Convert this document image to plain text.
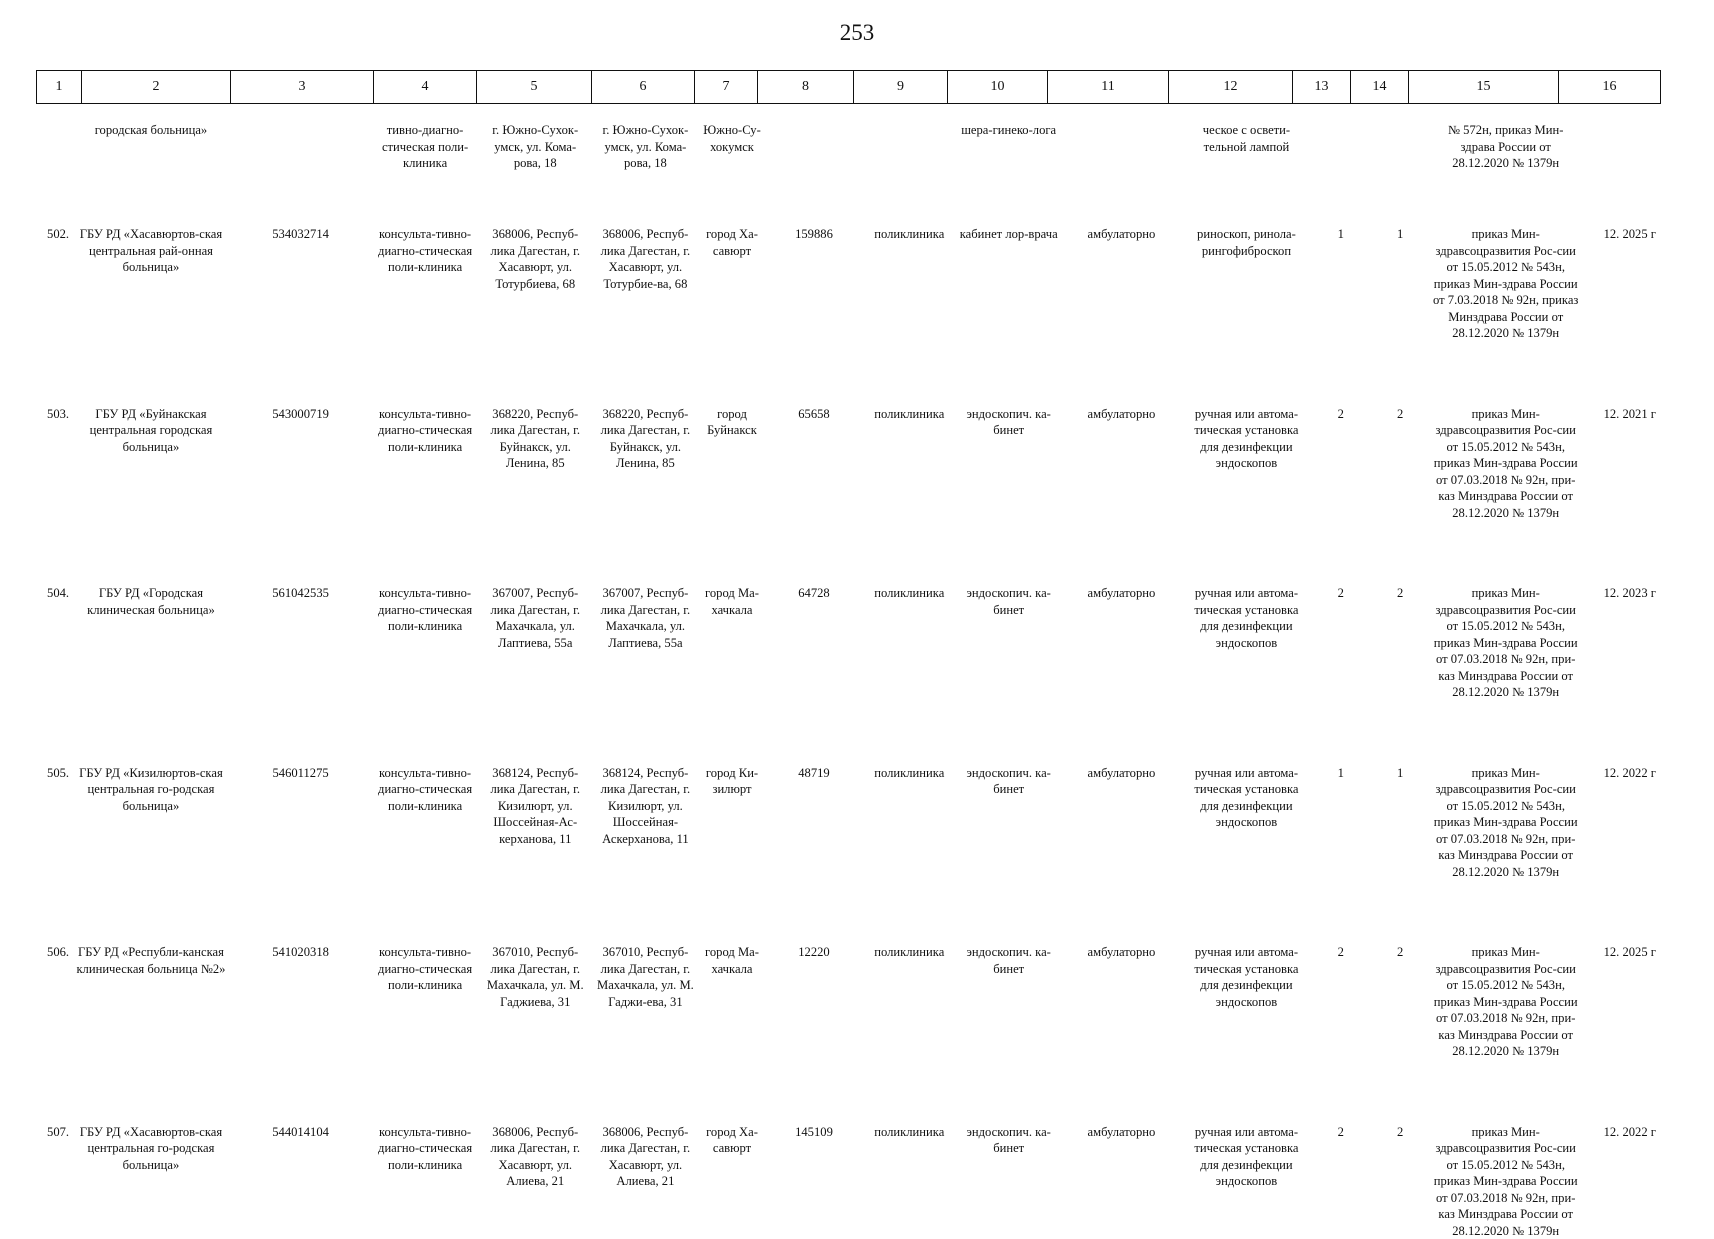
253
1	2	3	4	5	6	7	8	9	10	11	12	13	14	15	16
	городская больница»		тивно-диагно-стическая поли-клиника	г. Южно-Сухок-умск, ул. Кома-рова, 18	г. Южно-Сухок-умск, ул. Кома-рова, 18	Южно-Су-хокумск			шера-гинеко-лога		ческое с освети-тельной лампой			№ 572н, приказ Мин-здрава России от 28.12.2020 № 1379н	
502.	ГБУ РД «Хасавюртов-ская центральная рай-онная больница»	534032714	консульта-тивно-диагно-стическая поли-клиника	368006, Респуб-лика Дагестан, г. Хасавюрт, ул. Тотурбиева, 68	368006, Респуб-лика Дагестан, г. Хасавюрт, ул. Тотурбие-ва, 68	город Ха-савюрт	159886	поликлиника	кабинет лор-врача	амбулаторно	риноскоп, ринола-рингофиброскоп	1	1	приказ Мин-здравсоцразвития Рос-сии от 15.05.2012 № 543н, приказ Мин-здрава России от 7.03.2018 № 92н, приказ Минздрава России от 28.12.2020 № 1379н	12. 2025 г
503.	ГБУ РД «Буйнакская центральная городская больница»	543000719	консульта-тивно-диагно-стическая поли-клиника	368220, Респуб-лика Дагестан, г. Буйнакск, ул. Ленина, 85	368220, Респуб-лика Дагестан, г. Буйнакск, ул. Ленина, 85	город Буйнакск	65658	поликлиника	эндоскопич. ка-бинет	амбулаторно	ручная или автома-тическая установка для дезинфекции эндоскопов	2	2	приказ Мин-здравсоцразвития Рос-сии от 15.05.2012 № 543н, приказ Мин-здрава России от 07.03.2018 № 92н, при-каз Минздрава России от 28.12.2020 № 1379н	12. 2021 г
504.	ГБУ РД «Городская клиническая больница»	561042535	консульта-тивно-диагно-стическая поли-клиника	367007, Респуб-лика Дагестан, г. Махачкала, ул. Лаптиева, 55а	367007, Респуб-лика Дагестан, г. Махачкала, ул. Лаптиева, 55а	город Ма-хачкала	64728	поликлиника	эндоскопич. ка-бинет	амбулаторно	ручная или автома-тическая установка для дезинфекции эндоскопов	2	2	приказ Мин-здравсоцразвития Рос-сии от 15.05.2012 № 543н, приказ Мин-здрава России от 07.03.2018 № 92н, при-каз Минздрава России от 28.12.2020 № 1379н	12. 2023 г
505.	ГБУ РД «Кизилюртов-ская центральная го-родская больница»	546011275	консульта-тивно-диагно-стическая поли-клиника	368124, Респуб-лика Дагестан, г. Кизилюрт, ул. Шоссейная-Ас-керханова, 11	368124, Респуб-лика Дагестан, г. Кизилюрт, ул. Шоссейная-Аскерханова, 11	город Ки-зилюрт	48719	поликлиника	эндоскопич. ка-бинет	амбулаторно	ручная или автома-тическая установка для дезинфекции эндоскопов	1	1	приказ Мин-здравсоцразвития Рос-сии от 15.05.2012 № 543н, приказ Мин-здрава России от 07.03.2018 № 92н, при-каз Минздрава России от 28.12.2020 № 1379н	12. 2022 г
506.	ГБУ РД «Республи-канская клиническая больница №2»	541020318	консульта-тивно-диагно-стическая поли-клиника	367010, Респуб-лика Дагестан, г. Махачкала, ул. М. Гаджиева, 31	367010, Респуб-лика Дагестан, г. Махачкала, ул. М. Гаджи-ева, 31	город Ма-хачкала	12220	поликлиника	эндоскопич. ка-бинет	амбулаторно	ручная или автома-тическая установка для дезинфекции эндоскопов	2	2	приказ Мин-здравсоцразвития Рос-сии от 15.05.2012 № 543н, приказ Мин-здрава России от 07.03.2018 № 92н, при-каз Минздрава России от 28.12.2020 № 1379н	12. 2025 г
507.	ГБУ РД «Хасавюртов-ская центральная го-родская больница»	544014104	консульта-тивно-диагно-стическая поли-клиника	368006, Респуб-лика Дагестан, г. Хасавюрт, ул. Алиева, 21	368006, Респуб-лика Дагестан, г. Хасавюрт, ул. Алиева, 21	город Ха-савюрт	145109	поликлиника	эндоскопич. ка-бинет	амбулаторно	ручная или автома-тическая установка для дезинфекции эндоскопов	2	2	приказ Мин-здравсоцразвития Рос-сии от 15.05.2012 № 543н, приказ Мин-здрава России от 07.03.2018 № 92н, при-каз Минздрава России от 28.12.2020 № 1379н	12. 2022 г
